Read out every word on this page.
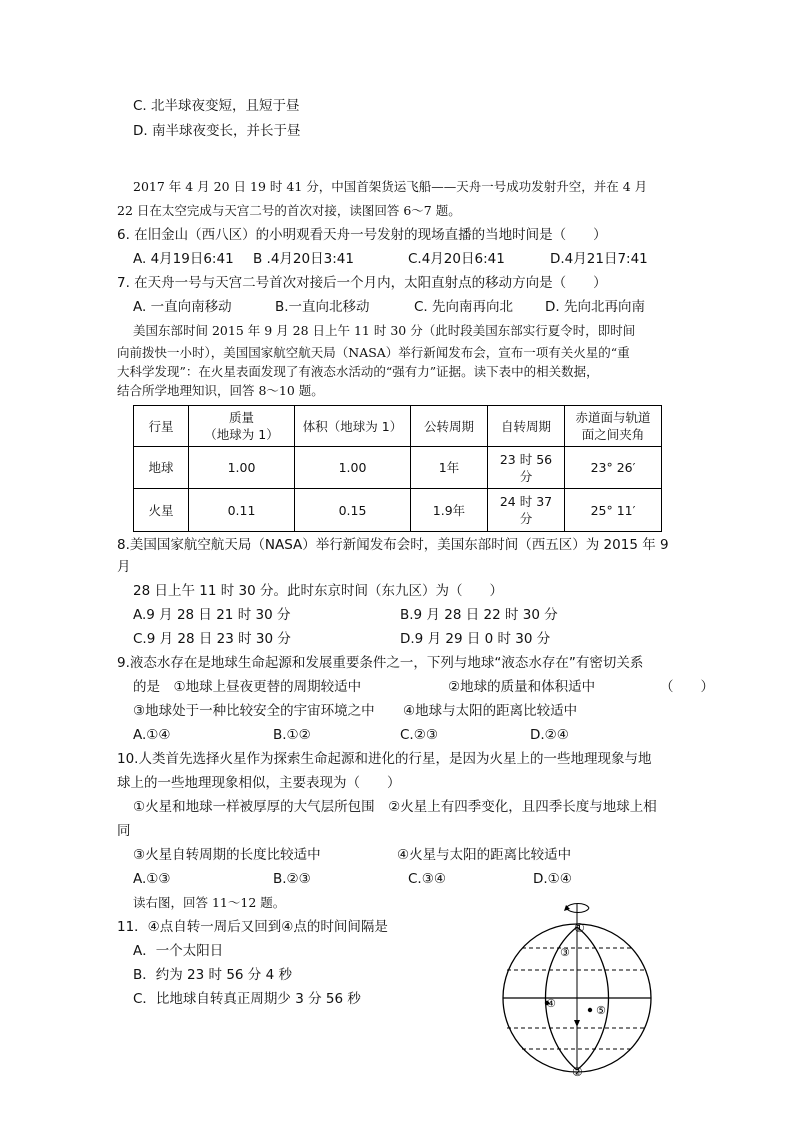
C. 北半球夜变短，且短于昼
D. 南半球夜变长，并长于昼
2017 年 4 月 20 日 19 时 41 分，中国首架货运飞船——天舟一号成功发射升空，并在 4 月
22 日在太空完成与天宫二号的首次对接，读图回答 6～7 题。
6. 在旧金山（西八区）的小明观看天舟一号发射的现场直播的当地时间是（　　）
A. 4月19日6:41 B .4月20日3:41	C.4月20日6:41	D.4月21日7:41
7. 在天舟一号与天宫二号首次对接后一个月内，太阳直射点的移动方向是（　　）
A. 一直向南移动	B.一直向北移动	C. 先向南再向北 D. 先向北再向南
美国东部时间 2015 年 9 月 28 日上午 11 时 30 分（此时段美国东部实行夏令时，即时间
向前拨快一小时），美国国家航空航天局（NASA）举行新闻发布会，宣布一项有关火星的“重
大科学发现”：在火星表面发现了有液态水活动的“强有力”证据。读下表中的相关数据，
结合所学地理知识，回答 8～10 题。
行星	质量
（地球为 1）	体积（地球为 1）	公转周期	自转周期	赤道面与轨道
面之间夹角
地球	1.00	1.00	1年	23 时 56
分	23° 26′
火星	0.11	0.15	1.9年	24 时 37
分	25° 11′
8.美国国家航空航天局（NASA）举行新闻发布会时，美国东部时间（西五区）为 2015 年 9
月
28 日上午 11 时 30 分。此时东京时间（东九区）为（　　）
A.9 月 28 日 21 时 30 分	B.9 月 28 日 22 时 30 分
C.9 月 28 日 23 时 30 分	D.9 月 29 日 0 时 30 分
9.液态水存在是地球生命起源和发展重要条件之一，下列与地球“液态水存在”有密切关系
的是　①地球上昼夜更替的周期较适中	②地球的质量和体积适中	（　　）
③地球处于一种比较安全的宇宙环境之中 ④地球与太阳的距离比较适中
A.①④	B.①②	C.②③	D.②④
10.人类首先选择火星作为探索生命起源和进化的行星，是因为火星上的一些地理现象与地
球上的一些地理现象相似，主要表现为（　　）
①火星和地球一样被厚厚的大气层所包围　②火星上有四季变化，且四季长度与地球上相
同
③火星自转周期的长度比较适中	④火星与太阳的距离比较适中
A.①③	B.②③	C.③④	D.①④
读右图，回答 11～12 题。
11．④点自转一周后又回到④点的时间间隔是
A．一个太阳日
B．约为 23 时 56 分 4 秒
C．比地球自转真正周期少 3 分 56 秒
①
③
④
⑤
②
